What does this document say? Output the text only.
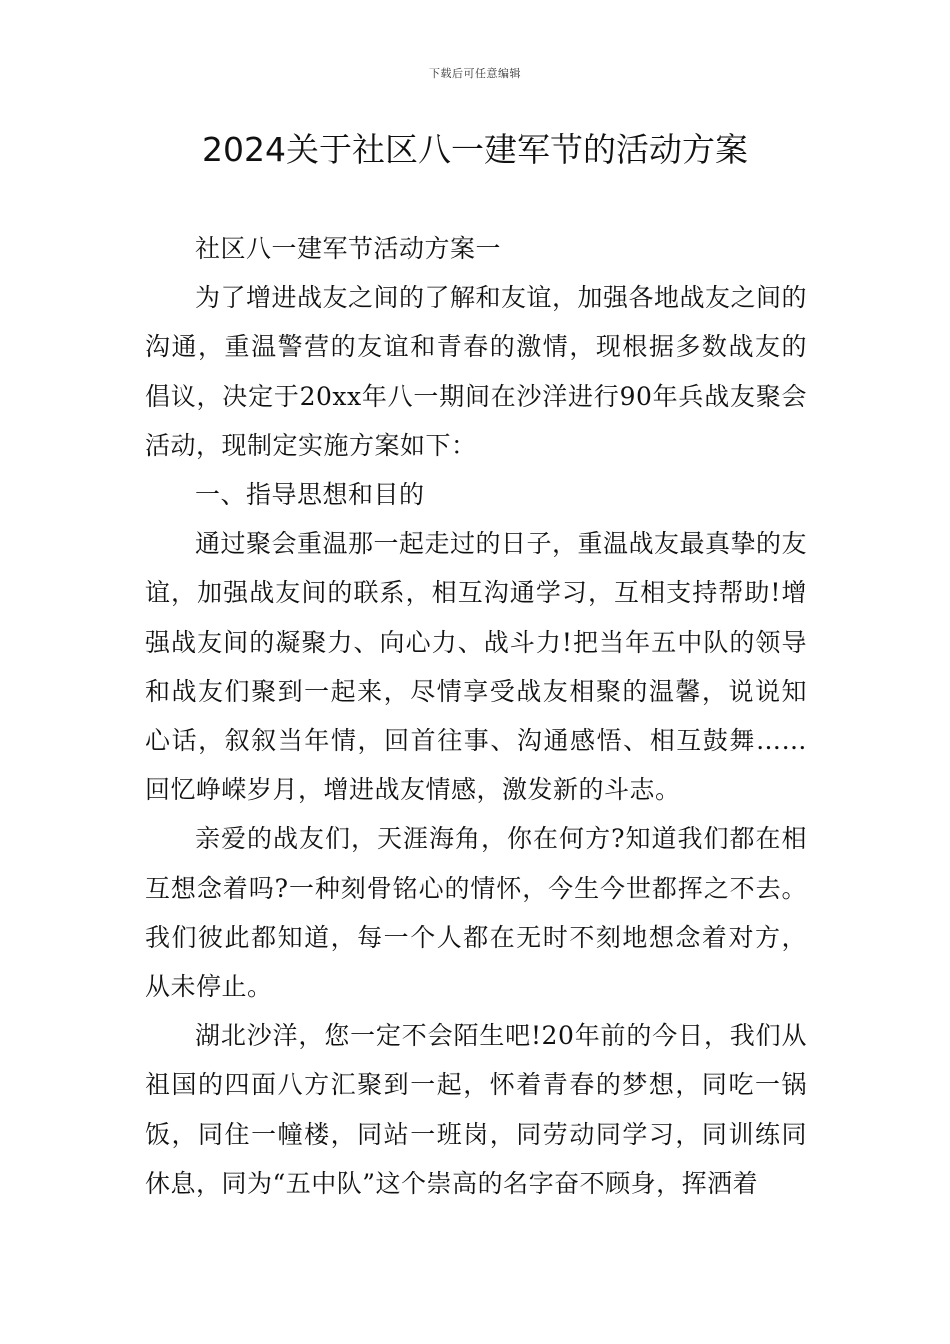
下载后可任意编辑
2024关于社区八一建军节的活动方案

社区八一建军节活动方案一

为了增进战友之间的了解和友谊，加强各地战友之间的沟通，重温警营的友谊和青春的激情，现根据多数战友的倡议，决定于20xx年八一期间在沙洋进行90年兵战友聚会活动，现制定实施方案如下：

一、指导思想和目的

通过聚会重温那一起走过的日子，重温战友最真挚的友谊，加强战友间的联系，相互沟通学习，互相支持帮助!增强战友间的凝聚力、向心力、战斗力!把当年五中队的领导和战友们聚到一起来，尽情享受战友相聚的温馨，说说知心话，叙叙当年情，回首往事、沟通感悟、相互鼓舞……回忆峥嵘岁月，增进战友情感，激发新的斗志。

亲爱的战友们，天涯海角，你在何方?知道我们都在相互想念着吗?一种刻骨铭心的情怀，今生今世都挥之不去。我们彼此都知道，每一个人都在无时不刻地想念着对方，从未停止。

湖北沙洋，您一定不会陌生吧!20年前的今日，我们从祖国的四面八方汇聚到一起，怀着青春的梦想，同吃一锅饭，同住一幢楼，同站一班岗，同劳动同学习，同训练同休息，同为“五中队”这个崇高的名字奋不顾身，挥洒着
